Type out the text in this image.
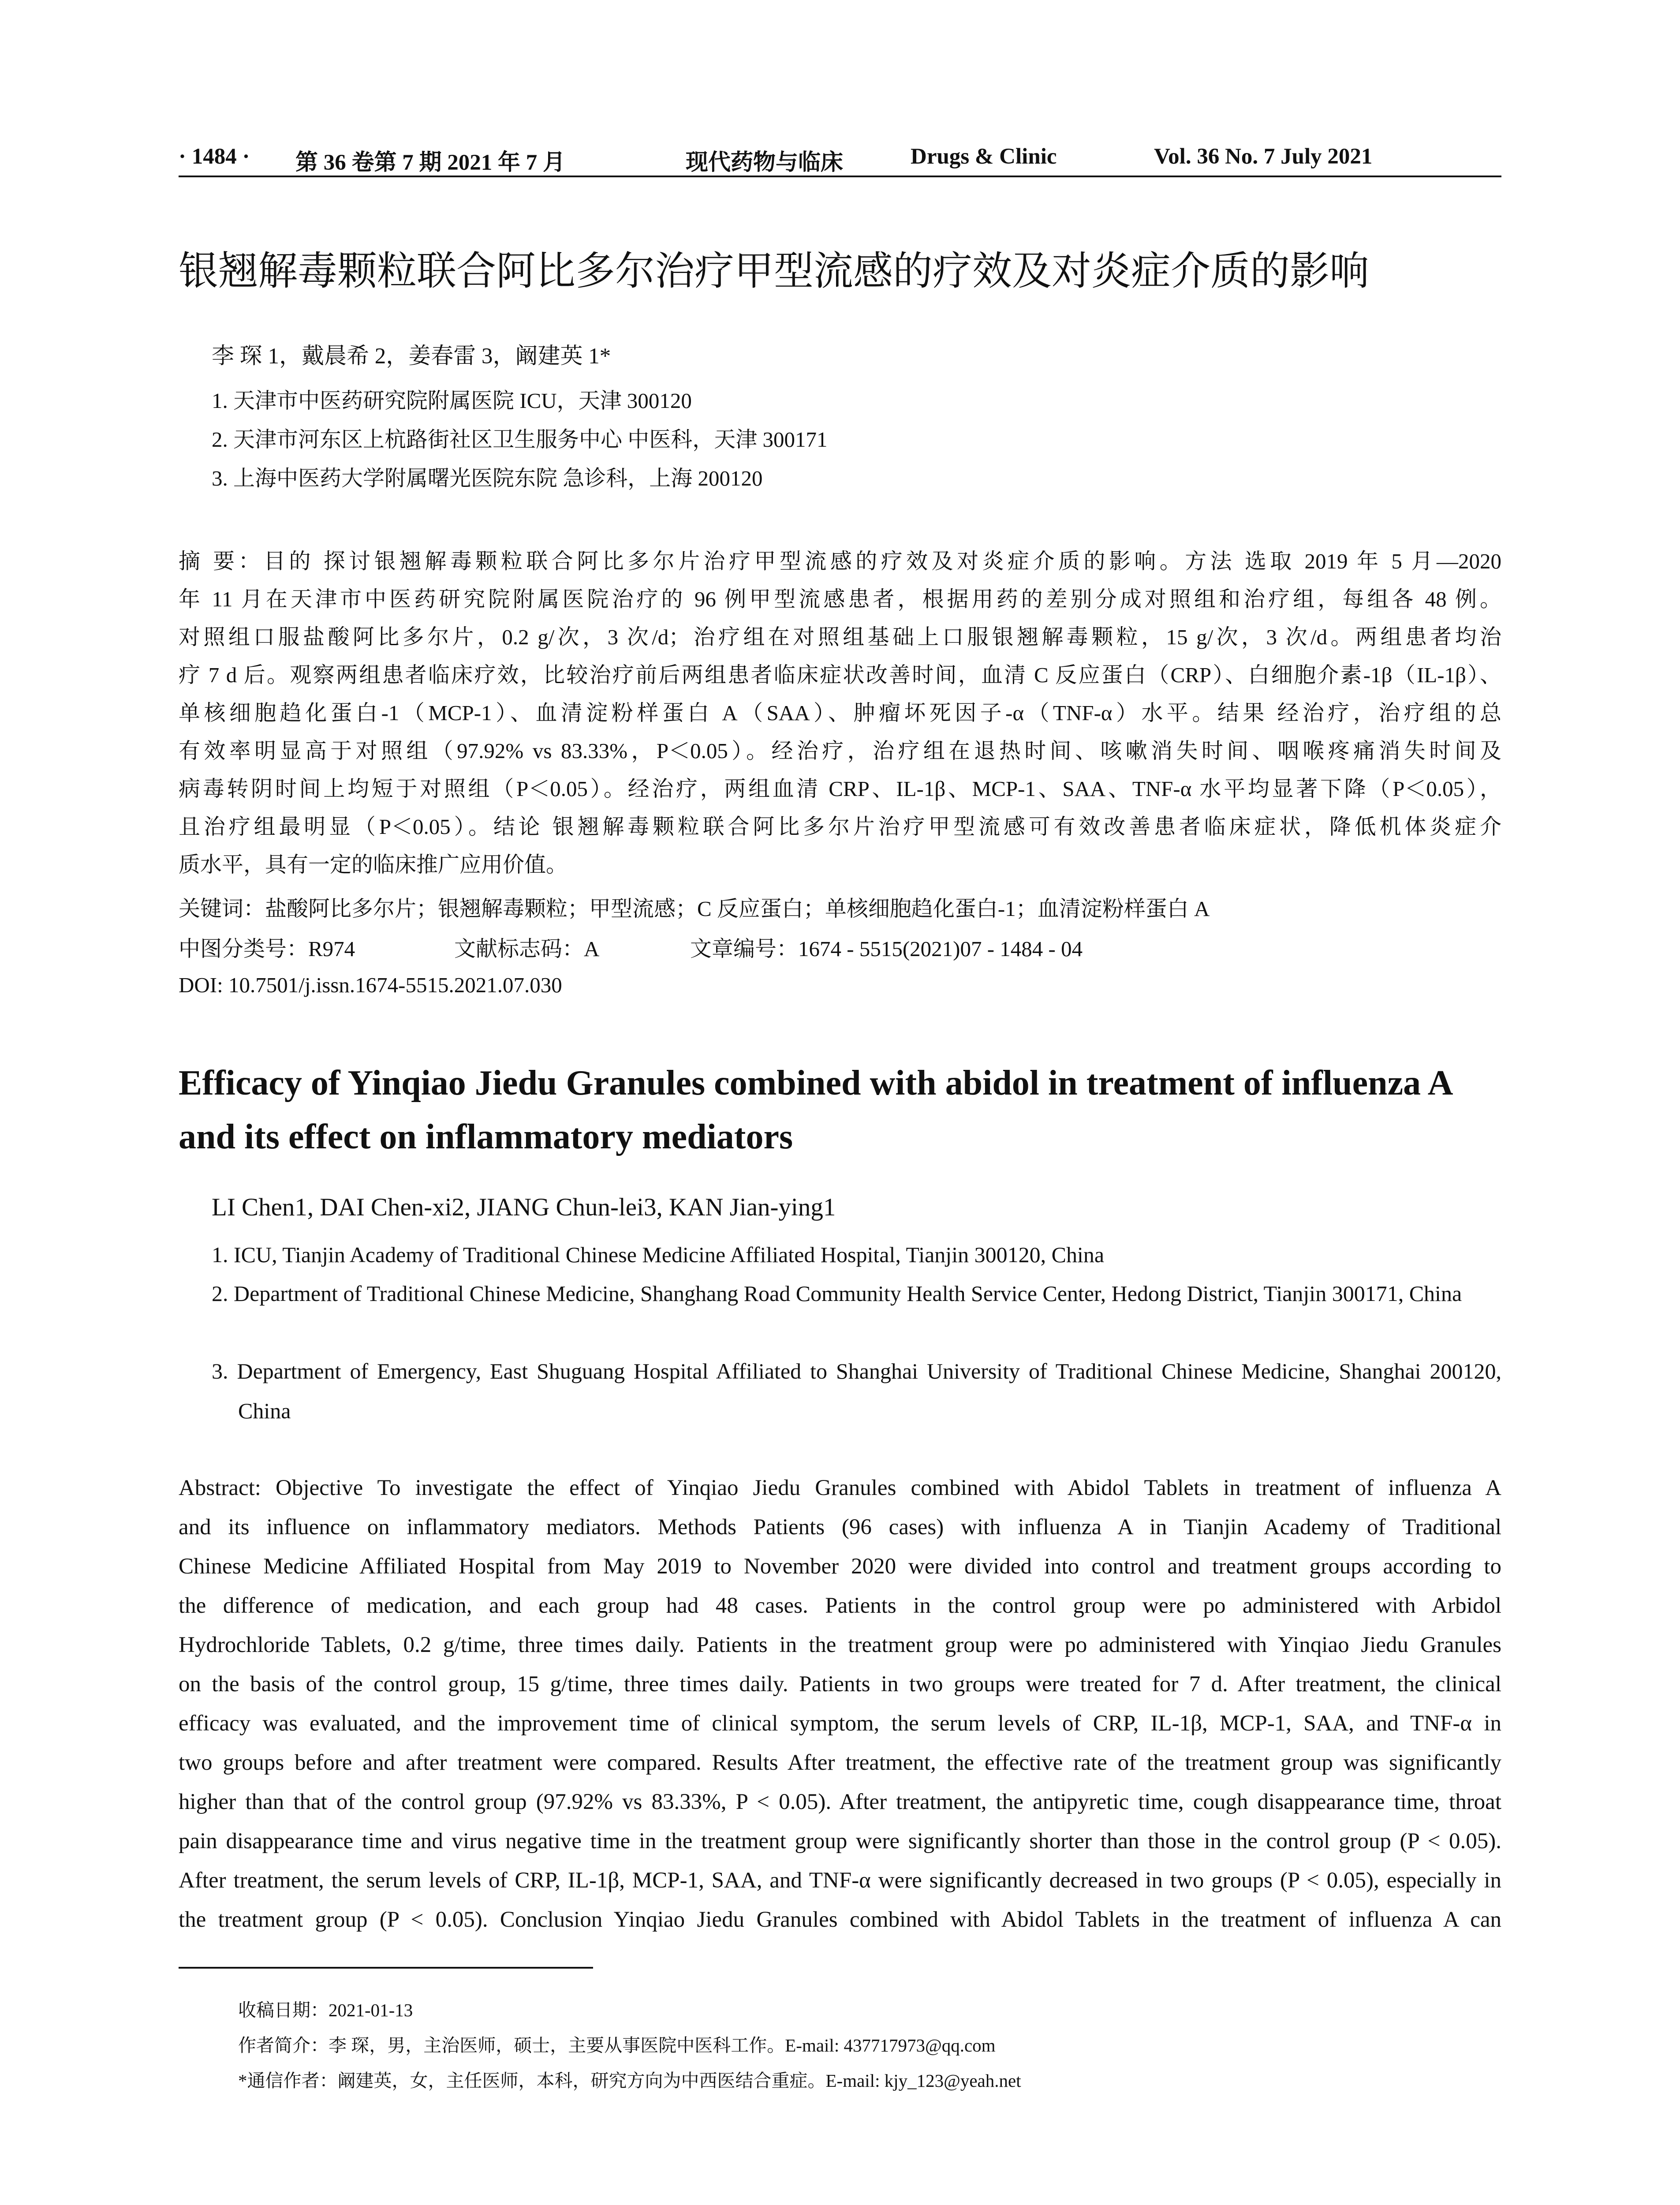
· 1484 · 第 36 卷第 7 期 2021 年 7 月	现代药物与临床	Drugs & Clinic	Vol. 36 No. 7 July 2021
银翘解毒颗粒联合阿比多尔治疗甲型流感的疗效及对炎症介质的影响
李 琛 1，戴晨希 2，姜春雷 3，阚建英 1*
1. 天津市中医药研究院附属医院 ICU，天津 300120
2. 天津市河东区上杭路街社区卫生服务中心 中医科，天津 300171
3. 上海中医药大学附属曙光医院东院 急诊科，上海 200120
摘 要：目的 探讨银翘解毒颗粒联合阿比多尔片治疗甲型流感的疗效及对炎症介质的影响。方法 选取 2019 年 5 月—2020
年 11 月在天津市中医药研究院附属医院治疗的 96 例甲型流感患者，根据用药的差别分成对照组和治疗组，每组各 48 例。
对照组口服盐酸阿比多尔片，0.2 g/次，3 次/d；治疗组在对照组基础上口服银翘解毒颗粒，15 g/次，3 次/d。两组患者均治
疗 7 d 后。观察两组患者临床疗效，比较治疗前后两组患者临床症状改善时间，血清 C 反应蛋白（CRP）、白细胞介素-1β（IL-1β）、
单核细胞趋化蛋白-1（MCP-1）、血清淀粉样蛋白 A（SAA）、肿瘤坏死因子-α（TNF-α）水平。结果 经治疗，治疗组的总
有效率明显高于对照组（97.92% vs 83.33%，P＜0.05）。经治疗，治疗组在退热时间、咳嗽消失时间、咽喉疼痛消失时间及
病毒转阴时间上均短于对照组（P＜0.05）。经治疗，两组血清 CRP、IL-1β、MCP-1、SAA、TNF-α 水平均显著下降（P＜0.05），
且治疗组最明显（P＜0.05）。结论 银翘解毒颗粒联合阿比多尔片治疗甲型流感可有效改善患者临床症状，降低机体炎症介
质水平，具有一定的临床推广应用价值。
关键词：盐酸阿比多尔片；银翘解毒颗粒；甲型流感；C 反应蛋白；单核细胞趋化蛋白-1；血清淀粉样蛋白 A
中图分类号：R974	文献标志码：A	文章编号：1674 - 5515(2021)07 - 1484 - 04
DOI: 10.7501/j.issn.1674-5515.2021.07.030
Efficacy of Yinqiao Jiedu Granules combined with abidol in treatment of influenza A and its effect on inflammatory mediators
LI Chen1, DAI Chen-xi2, JIANG Chun-lei3, KAN Jian-ying1
1. ICU, Tianjin Academy of Traditional Chinese Medicine Affiliated Hospital, Tianjin 300120, China
2. Department of Traditional Chinese Medicine, Shanghang Road Community Health Service Center, Hedong District, Tianjin 300171, China
3. Department of Emergency, East Shuguang Hospital Affiliated to Shanghai University of Traditional Chinese Medicine, Shanghai 200120, China
Abstract: Objective To investigate the effect of Yinqiao Jiedu Granules combined with Abidol Tablets in treatment of influenza A
and its influence on inflammatory mediators. Methods Patients (96 cases) with influenza A in Tianjin Academy of Traditional
Chinese Medicine Affiliated Hospital from May 2019 to November 2020 were divided into control and treatment groups according to
the difference of medication, and each group had 48 cases. Patients in the control group were po administered with Arbidol
Hydrochloride Tablets, 0.2 g/time, three times daily. Patients in the treatment group were po administered with Yinqiao Jiedu Granules
on the basis of the control group, 15 g/time, three times daily. Patients in two groups were treated for 7 d. After treatment, the clinical
efficacy was evaluated, and the improvement time of clinical symptom, the serum levels of CRP, IL-1β, MCP-1, SAA, and TNF-α in
two groups before and after treatment were compared. Results After treatment, the effective rate of the treatment group was significantly
higher than that of the control group (97.92% vs 83.33%, P < 0.05). After treatment, the antipyretic time, cough disappearance time, throat
pain disappearance time and virus negative time in the treatment group were significantly shorter than those in the control group (P < 0.05).
After treatment, the serum levels of CRP, IL-1β, MCP-1, SAA, and TNF-α were significantly decreased in two groups (P < 0.05), especially in
the treatment group (P < 0.05). Conclusion Yinqiao Jiedu Granules combined with Abidol Tablets in the treatment of influenza A can
收稿日期：2021-01-13
作者简介：李 琛，男，主治医师，硕士，主要从事医院中医科工作。E-mail: 437717973@qq.com
*通信作者：阚建英，女，主任医师，本科，研究方向为中西医结合重症。E-mail: kjy_123@yeah.net
